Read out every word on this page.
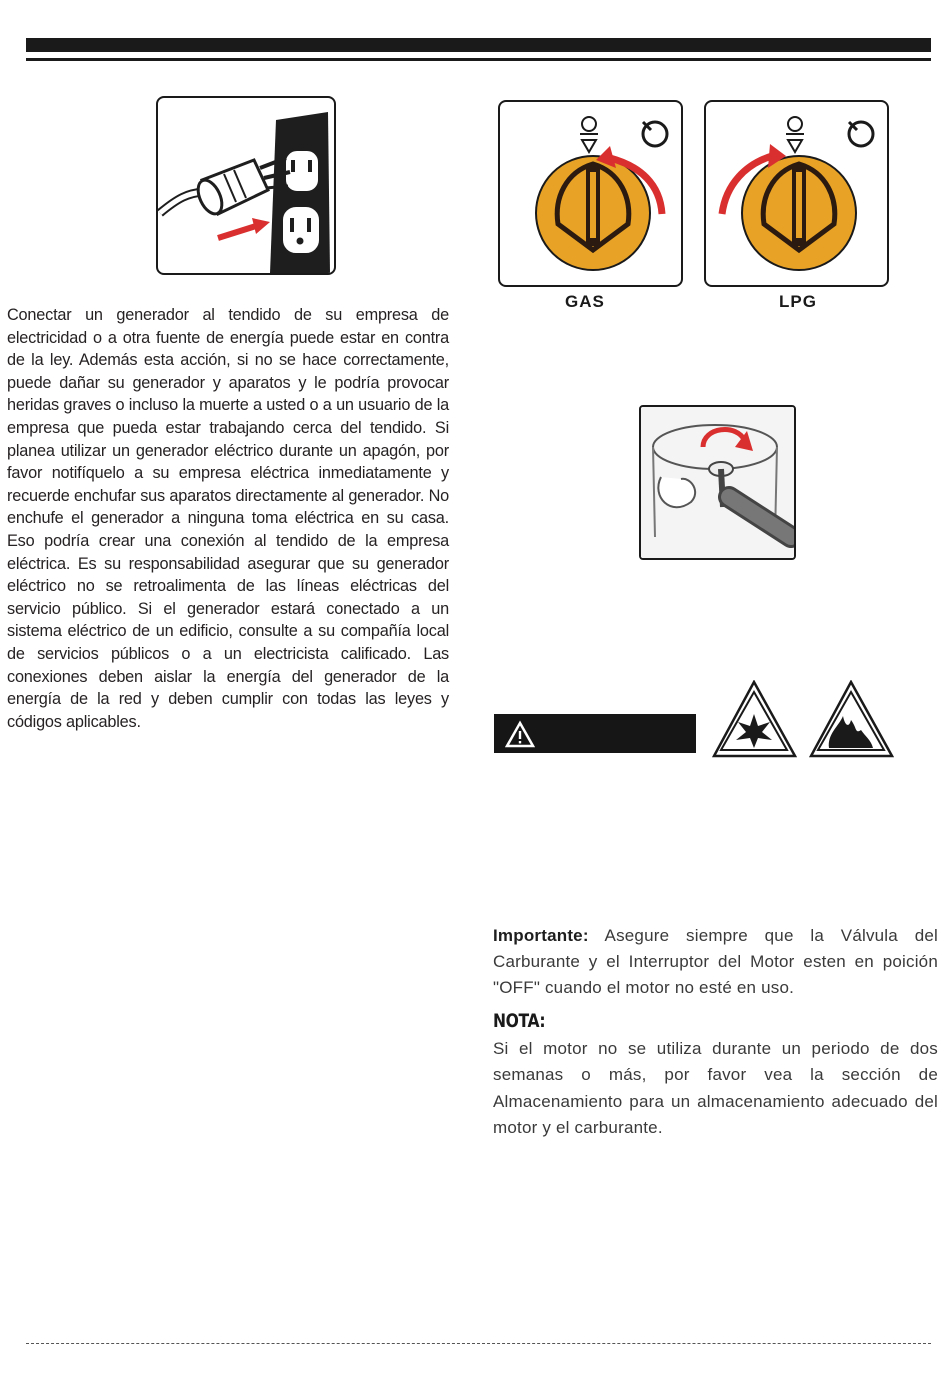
Conectar un generador al tendido de su empresa de electricidad o a otra fuente de energía puede estar en contra de la ley. Además esta acción, si no se hace correctamente, puede dañar su generador y aparatos y le podría provocar heridas graves o incluso la muerte a usted o a un usuario de la empresa que pueda estar trabajando cerca del tendido. Si planea utilizar un generador eléctrico durante un apagón, por favor notifíquelo a su empresa eléctrica inmediatamente y recuerde enchufar sus aparatos directamente al generador. No enchufe el generador a ninguna toma eléctrica en su casa. Eso podría crear una conexión al tendido de la empresa eléctrica. Es su responsabilidad asegurar que su generador eléctrico no se retroalimenta de las líneas eléctricas del servicio público. Si el generador estará conectado a un sistema eléctrico de un edificio, consulte a su compañía local de servicios públicos o a un electricista calificado. Las conexiones deben aislar la energía del generador de la energía de la red y deben cumplir con todas las leyes y códigos aplicables.
GAS	LPG
Importante: Asegure siempre que la Válvula del Carburante y el Interruptor del Motor esten en poición "OFF" cuando el motor no esté en uso.
NOTA:
Si el motor no se utiliza durante un periodo de dos semanas o más, por favor vea la sección de Almacenamiento para un almacenamiento adecuado del motor y el carburante.
